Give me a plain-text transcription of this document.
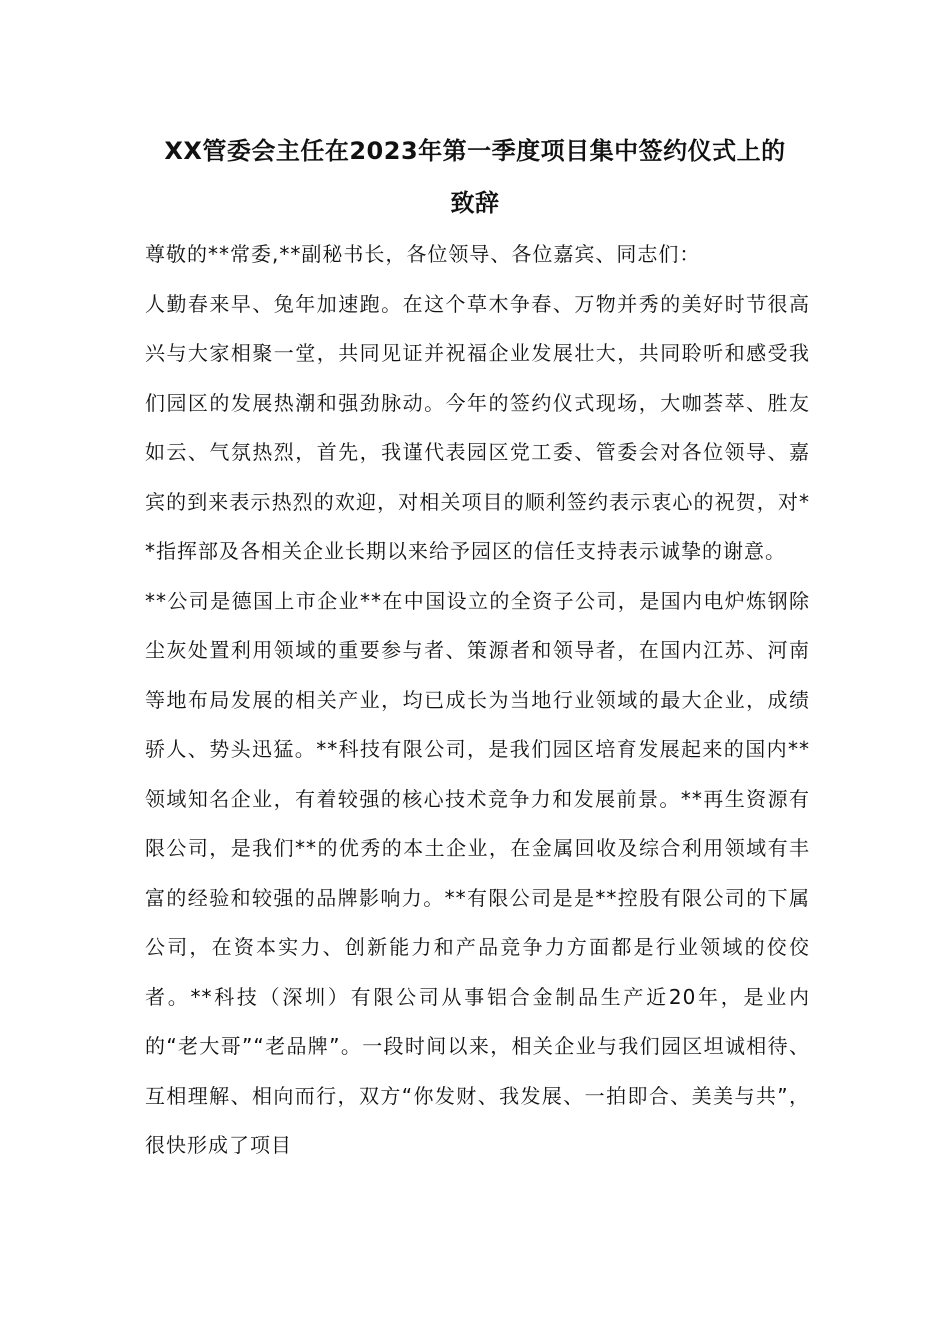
XX管委会主任在2023年第一季度项目集中签约仪式上的
致辞

尊敬的**常委,**副秘书长，各位领导、各位嘉宾、同志们：

人勤春来早、兔年加速跑。在这个草木争春、万物并秀的美好时节很高兴与大家相聚一堂，共同见证并祝福企业发展壮大，共同聆听和感受我们园区的发展热潮和强劲脉动。今年的签约仪式现场，大咖荟萃、胜友如云、气氛热烈，首先，我谨代表园区党工委、管委会对各位领导、嘉宾的到来表示热烈的欢迎，对相关项目的顺利签约表示衷心的祝贺，对**指挥部及各相关企业长期以来给予园区的信任支持表示诚挚的谢意。

**公司是德国上市企业**在中国设立的全资子公司，是国内电炉炼钢除尘灰处置利用领域的重要参与者、策源者和领导者，在国内江苏、河南等地布局发展的相关产业，均已成长为当地行业领域的最大企业，成绩骄人、势头迅猛。**科技有限公司，是我们园区培育发展起来的国内**领域知名企业，有着较强的核心技术竞争力和发展前景。**再生资源有限公司，是我们**的优秀的本土企业，在金属回收及综合利用领域有丰富的经验和较强的品牌影响力。**有限公司是是**控股有限公司的下属公司，在资本实力、创新能力和产品竞争力方面都是行业领域的佼佼者。**科技（深圳）有限公司从事铝合金制品生产近20年，是业内的“老大哥”“老品牌”。一段时间以来，相关企业与我们园区坦诚相待、互相理解、相向而行，双方“你发财、我发展、一拍即合、美美与共”，很快形成了项目
